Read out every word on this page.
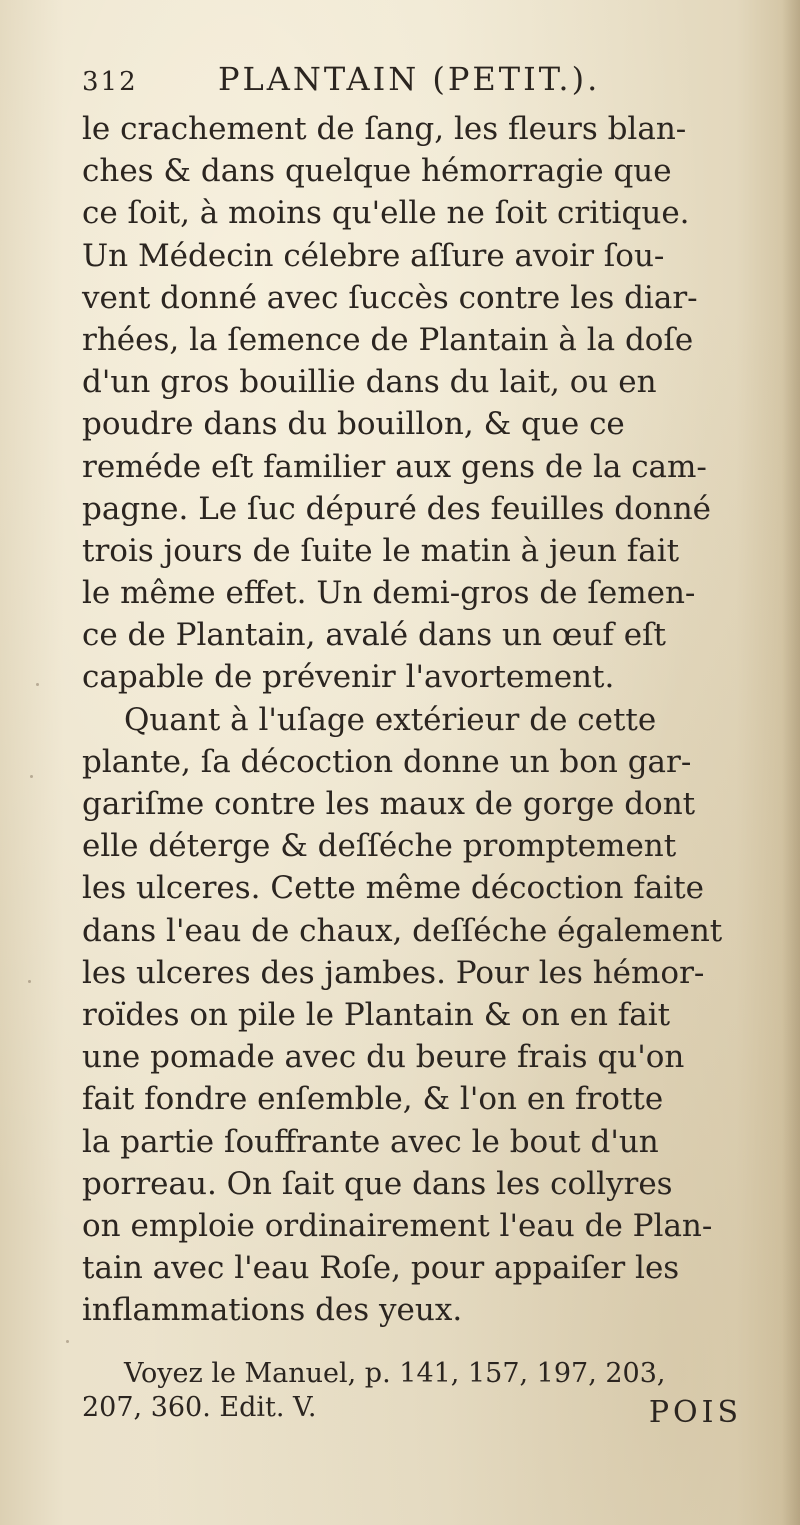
312	PLANTAIN (PETIT.).
le crachement de ſang, les fleurs blan-
ches & dans quelque hémorragie que
ce ſoit, à moins qu'elle ne ſoit critique.
Un Médecin célebre aſſure avoir ſou-
vent donné avec ſuccès contre les diar-
rhées, la ſemence de Plantain à la doſe
d'un gros bouillie dans du lait, ou en
poudre dans du bouillon, & que ce
reméde eſt familier aux gens de la cam-
pagne. Le ſuc dépuré des feuilles donné
trois jours de ſuite le matin à jeun fait
le même effet. Un demi-gros de ſemen-
ce de Plantain, avalé dans un œuf eſt
capable de prévenir l'avortement.
Quant à l'uſage extérieur de cette
plante, ſa décoction donne un bon gar-
gariſme contre les maux de gorge dont
elle déterge & deſſéche promptement
les ulceres. Cette même décoction faite
dans l'eau de chaux, deſſéche également
les ulceres des jambes. Pour les hémor-
roïdes on pile le Plantain & on en fait
une pomade avec du beure frais qu'on
fait fondre enſemble, & l'on en frotte
la partie ſouffrante avec le bout d'un
porreau. On ſait que dans les collyres
on emploie ordinairement l'eau de Plan-
tain avec l'eau Roſe, pour appaiſer les
inflammations des yeux.
Voyez le Manuel, p. 141, 157, 197, 203,
207, 360. Edit. V.	POIS
